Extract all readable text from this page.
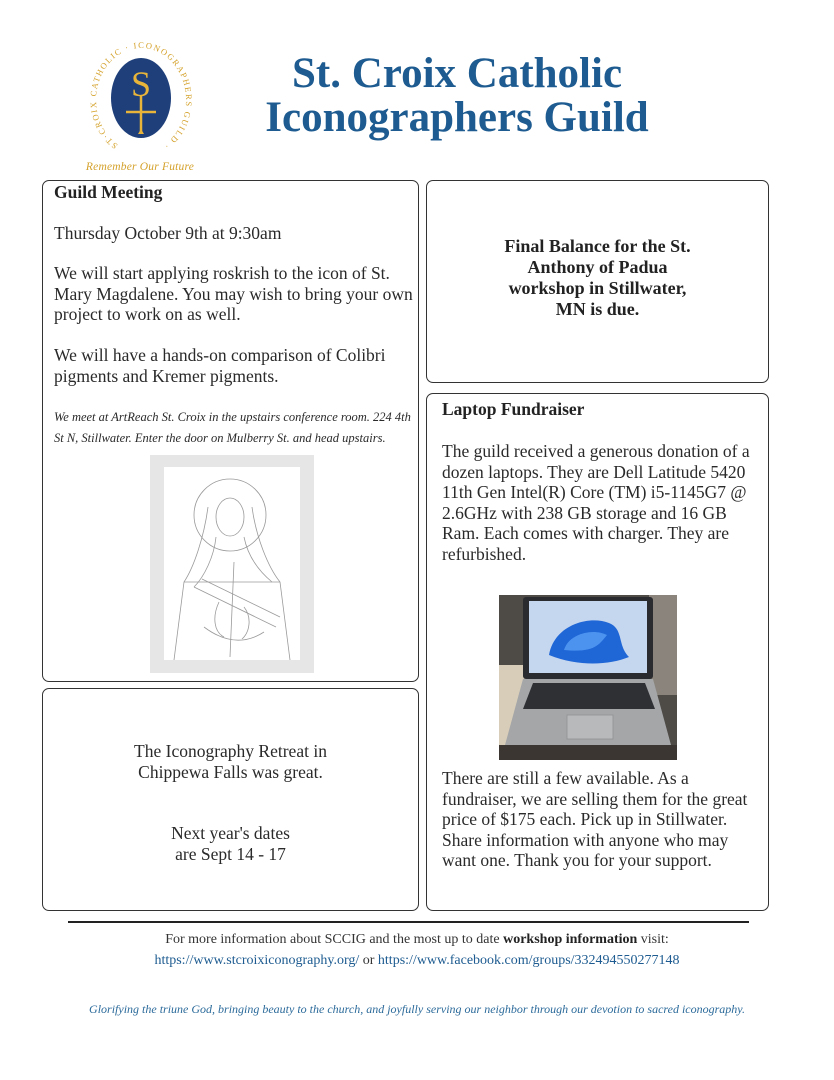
ST·CROIX CATHOLIC · ICONOGRAPHERS GUILD ·
S
Remember Our Future
St. Croix Catholic
Iconographers Guild
Guild Meeting
Thursday October 9th at 9:30am
We will start applying roskrish to the icon of St. Mary Magdalene. You may wish to bring your own project to work on as well.
We will have a hands-on comparison of Colibri pigments and Kremer pigments.
We meet at ArtReach St. Croix in the upstairs conference room. 224 4th St N, Stillwater. Enter the door on Mulberry St. and head upstairs.
Final Balance for the St. Anthony of Padua workshop in Stillwater, MN is due.
Laptop Fundraiser
The guild received a generous donation of a dozen laptops. They are Dell Latitude 5420 11th Gen Intel(R) Core (TM) i5-1145G7 @ 2.6GHz with 238 GB storage and 16 GB Ram. Each comes with charger. They are refurbished.
There are still a few available. As a fundraiser, we are selling them for the great price of $175 each. Pick up in Stillwater. Share information with anyone who may want one. Thank you for your support.
The Iconography Retreat in Chippewa Falls was great.
Next year's dates are Sept 14 - 17
For more information about SCCIG and the most up to date workshop information visit:
https://www.stcroixiconography.org/ or https://www.facebook.com/groups/332494550277148
Glorifying the triune God, bringing beauty to the church, and joyfully serving our neighbor through our devotion to sacred iconography.
